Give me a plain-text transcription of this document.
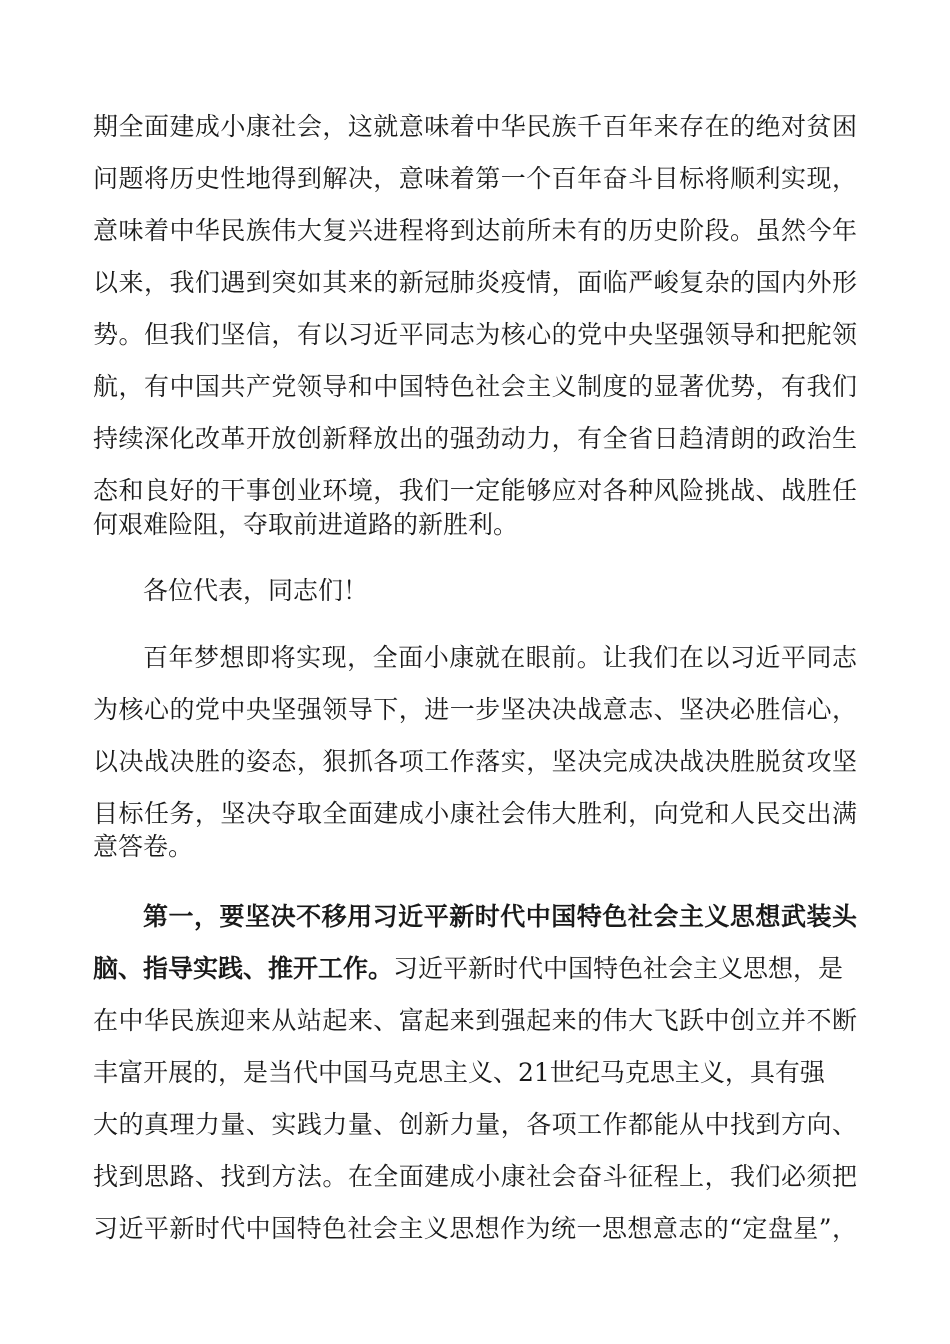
期全面建成小康社会，这就意味着中华民族千百年来存在的绝对贫困
问题将历史性地得到解决，意味着第一个百年奋斗目标将顺利实现，
意味着中华民族伟大复兴进程将到达前所未有的历史阶段。虽然今年
以来，我们遇到突如其来的新冠肺炎疫情，面临严峻复杂的国内外形
势。但我们坚信，有以习近平同志为核心的党中央坚强领导和把舵领
航，有中国共产党领导和中国特色社会主义制度的显著优势，有我们
持续深化改革开放创新释放出的强劲动力，有全省日趋清朗的政治生
态和良好的干事创业环境，我们一定能够应对各种风险挑战、战胜任
何艰难险阻，夺取前进道路的新胜利。
各位代表，同志们！
百年梦想即将实现，全面小康就在眼前。让我们在以习近平同志
为核心的党中央坚强领导下，进一步坚决决战意志、坚决必胜信心，
以决战决胜的姿态，狠抓各项工作落实，坚决完成决战决胜脱贫攻坚
目标任务，坚决夺取全面建成小康社会伟大胜利，向党和人民交出满
意答卷。
第一，要坚决不移用习近平新时代中国特色社会主义思想武装头
脑、指导实践、推开工作。习近平新时代中国特色社会主义思想，是
在中华民族迎来从站起来、富起来到强起来的伟大飞跃中创立并不断
丰富开展的，是当代中国马克思主义、21世纪马克思主义，具有强
大的真理力量、实践力量、创新力量，各项工作都能从中找到方向、
找到思路、找到方法。在全面建成小康社会奋斗征程上，我们必须把
习近平新时代中国特色社会主义思想作为统一思想意志的“定盘星”，
